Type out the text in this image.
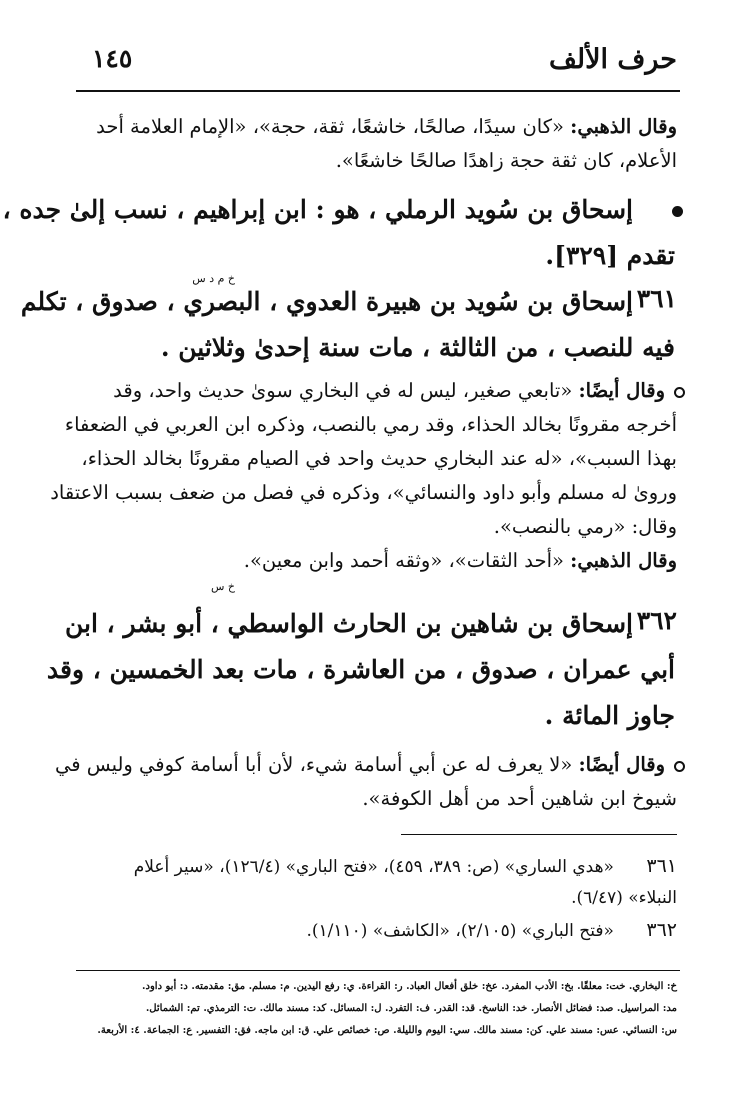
حرف الألف
١٤٥
وقال الذهبي: «كان سيدًا، صالحًا، خاشعًا، ثقة، حجة»، «الإمام العلامة أحد
الأعلام، كان ثقة حجة زاهدًا صالحًا خاشعًا».
إسحاق بن سُويد الرملي ، هو : ابن إبراهيم ، نسب إلىٰ جده ،
تقدم [٣٢٩].
خ م د س
٣٦١
إسحاق بن سُويد بن هبيرة العدوي ، البصري ، صدوق ، تكلم
فيه للنصب ، من الثالثة ، مات سنة إحدىٰ وثلاثين .
وقال أيضًا: «تابعي صغير، ليس له في البخاري سوىٰ حديث واحد، وقد
أخرجه مقرونًا بخالد الحذاء، وقد رمي بالنصب، وذكره ابن العربي في الضعفاء
بهذا السبب»، «له عند البخاري حديث واحد في الصيام مقرونًا بخالد الحذاء،
وروىٰ له مسلم وأبو داود والنسائي»، وذكره في فصل من ضعف بسبب الاعتقاد
وقال: «رمي بالنصب».
وقال الذهبي: «أحد الثقات»، «وثقه أحمد وابن معين».
خ س
٣٦٢
إسحاق بن شاهين بن الحارث الواسطي ، أبو بشر ، ابن
أبي عمران ، صدوق ، من العاشرة ، مات بعد الخمسين ، وقد
جاوز المائة .
وقال أيضًا: «لا يعرف له عن أبي أسامة شيء، لأن أبا أسامة كوفي وليس في
شيوخ ابن شاهين أحد من أهل الكوفة».
٣٦١      «هدي الساري» (ص: ٣٨٩، ٤٥٩)، «فتح الباري» (١٢٦/٤)، «سير أعلام
النبلاء» (٦/٤٧).
٣٦٢      «فتح الباري» (٢/١٠٥)، «الكاشف» (١/١١٠).
خ: البخاري. خت: معلقًا. بخ: الأدب المفرد. عخ: خلق أفعال العباد. ر: القراءة. ي: رفع اليدين. م: مسلم. مق: مقدمته. د: أبو داود.
مد: المراسيل. صد: فضائل الأنصار. خد: الناسخ. قد: القدر. ف: التفرد. ل: المسائل. كد: مسند مالك. ت: الترمذي. تم: الشمائل.
س: النسائي. عس: مسند علي. كن: مسند مالك. سي: اليوم والليلة. ص: خصائص علي. ق: ابن ماجه. فق: التفسير. ع: الجماعة. ٤: الأربعة.
